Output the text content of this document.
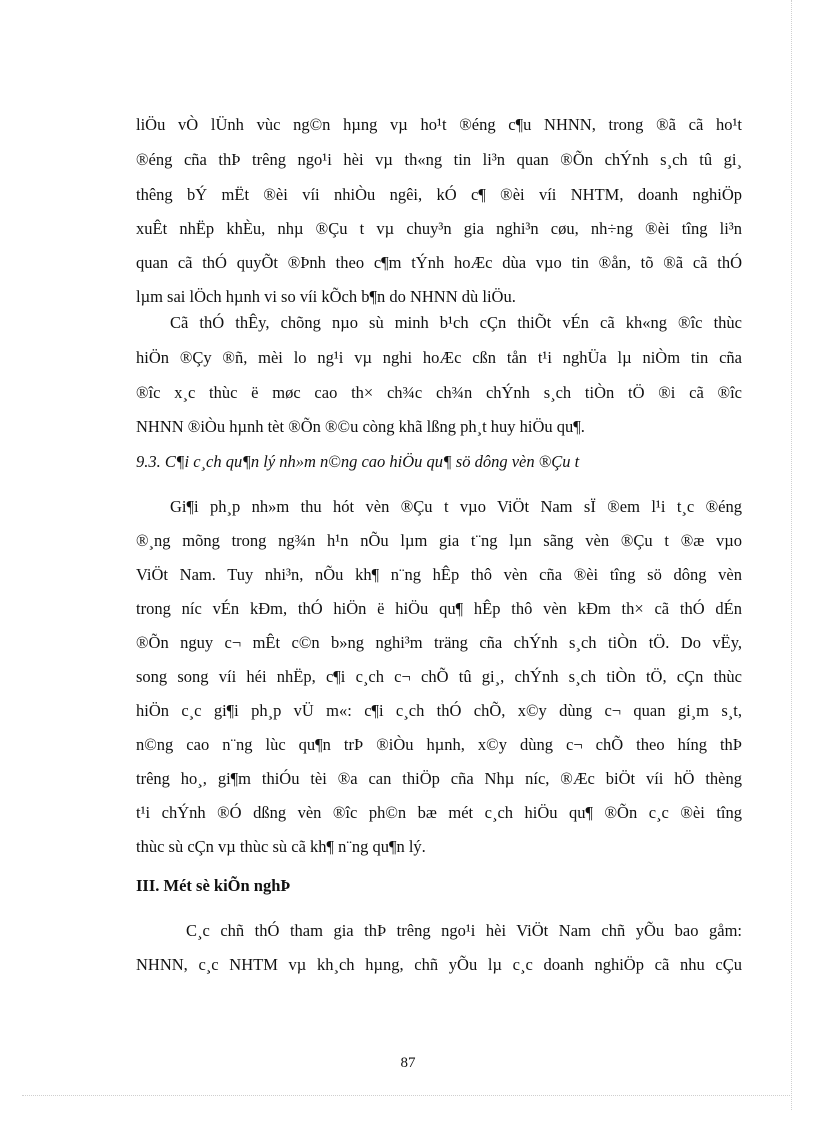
liÖu vÒ lÜnh vùc ng©n hµng vµ ho¹t ®éng c¶u NHNN, trong ®ã cã ho¹t
®éng cña thÞ trêng ngo¹i hèi vµ th«ng tin li³n quan ®Õn chÝnh s¸ch tû gi¸
thêng bÝ mËt ®èi víi nhiÒu ngêi, kÓ c¶ ®èi víi NHTM, doanh nghiÖp
xuÊt nhËp khÈu, nhµ ®Çu t vµ chuy³n gia nghi³n cøu, nh÷ng ®èi tîng li³n
quan cã thÓ quyÕt ®Þnh theo c¶m tÝnh hoÆc dùa vµo tin ®ån, tõ ®ã cã thÓ
lµm sai lÖch hµnh vi so víi kÕch b¶n do NHNN dù liÖu.
Cã thÓ thÊy, chõng nµo sù minh b¹ch cÇn thiÕt vÉn cã kh«ng ®îc thùc
hiÖn ®Çy ®ñ, mèi lo ng¹i vµ nghi hoÆc cßn tån t¹i nghÜa lµ niÒm tin cña
®îc x¸c thùc ë møc cao th× ch¾c ch¾n chÝnh s¸ch tiÒn tÖ ®i cã ®îc
NHNN ®iÒu hµnh tèt ®Õn ®©u còng khã lßng ph¸t huy hiÖu qu¶.
9.3. C¶i c¸ch qu¶n lý nh»m n©ng cao hiÖu qu¶ sö dông vèn ®Çu t
Gi¶i ph¸p nh»m thu hót vèn ®Çu t vµo ViÖt Nam sÏ ®em l¹i t¸c ®éng
®¸ng mõng trong ng¾n h¹n nÕu lµm gia t¨ng lµn sãng vèn ®Çu t ®æ vµo
ViÖt Nam. Tuy nhi³n, nÕu kh¶ n¨ng hÊp thô vèn cña ®èi tîng sö dông vèn
trong níc vÉn kÐm, thÓ hiÖn ë hiÖu qu¶ hÊp thô vèn kÐm th× cã thÓ dÉn
®Õn nguy c¬ mÊt c©n b»ng nghi³m träng cña chÝnh s¸ch tiÒn tÖ. Do vËy,
song song víi héi nhËp, c¶i c¸ch c¬ chÕ tû gi¸, chÝnh s¸ch tiÒn tÖ, cÇn thùc
hiÖn c¸c gi¶i ph¸p vÜ m«: c¶i c¸ch thÓ chÕ, x©y dùng c¬ quan gi¸m s¸t,
n©ng cao n¨ng lùc qu¶n trÞ ®iÒu hµnh, x©y dùng c¬ chÕ theo híng thÞ
trêng ho¸, gi¶m thiÓu tèi ®a can thiÖp cña Nhµ níc, ®Æc biÖt víi hÖ thèng
t¹i chÝnh ®Ó dßng vèn ®îc ph©n bæ mét c¸ch hiÖu qu¶ ®Õn c¸c ®èi tîng
thùc sù cÇn vµ thùc sù cã kh¶ n¨ng qu¶n lý.
III. Mét sè kiÕn nghÞ
C¸c chñ thÓ tham gia thÞ trêng ngo¹i hèi ViÖt Nam chñ yÕu bao gåm:
NHNN, c¸c NHTM vµ kh¸ch hµng, chñ yÕu lµ c¸c doanh nghiÖp cã nhu cÇu
87
